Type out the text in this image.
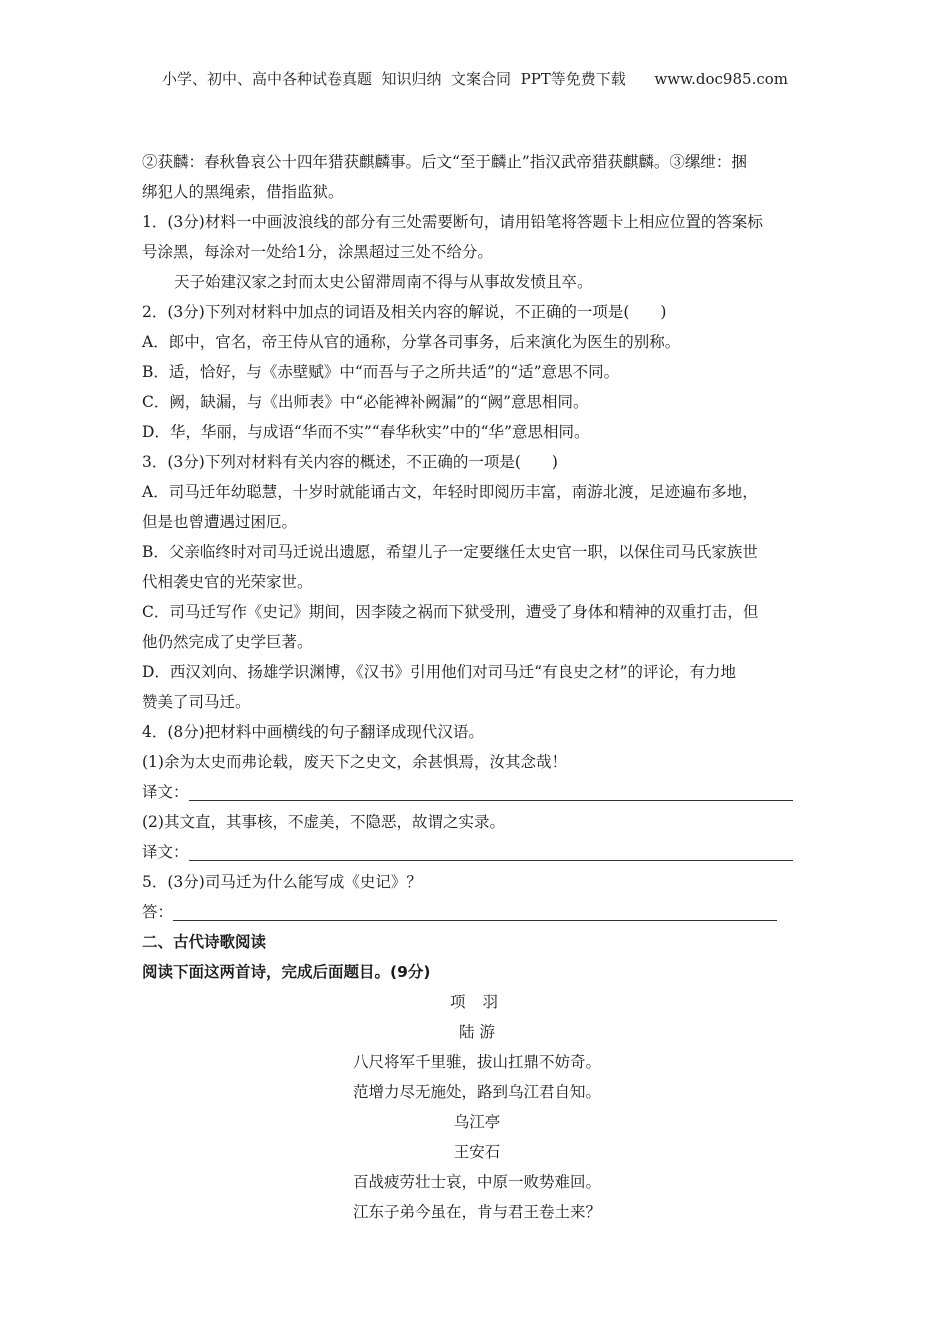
小学、初中、高中各种试卷真题  知识归纳  文案合同  PPT等免费下载      www.doc985.com

②获麟：春秋鲁哀公十四年猎获麒麟事。后文“至于麟止”指汉武帝猎获麒麟。③缧绁：捆

绑犯人的黑绳索，借指监狱。

1．(3分)材料一中画波浪线的部分有三处需要断句，请用铅笔将答题卡上相应位置的答案标

号涂黑，每涂对一处给1分，涂黑超过三处不给分。

天子始建汉家之封而太史公留滞周南不得与从事故发愤且卒。

2．(3分)下列对材料中加点的词语及相关内容的解说，不正确的一项是(　　)

A．郎中，官名，帝王侍从官的通称，分掌各司事务，后来演化为医生的别称。

B．适，恰好，与《赤壁赋》中“而吾与子之所共适”的“适”意思不同。

C．阙，缺漏，与《出师表》中“必能裨补阙漏”的“阙”意思相同。

D．华，华丽，与成语“华而不实”“春华秋实”中的“华”意思相同。

3．(3分)下列对材料有关内容的概述，不正确的一项是(　　)

A．司马迁年幼聪慧，十岁时就能诵古文，年轻时即阅历丰富，南游北渡，足迹遍布多地，

但是也曾遭遇过困厄。

B．父亲临终时对司马迁说出遗愿，希望儿子一定要继任太史官一职，以保住司马氏家族世

代相袭史官的光荣家世。

C．司马迁写作《史记》期间，因李陵之祸而下狱受刑，遭受了身体和精神的双重打击，但

他仍然完成了史学巨著。

D．西汉刘向、扬雄学识渊博，《汉书》引用他们对司马迁“有良史之材”的评论，有力地

赞美了司马迁。

4．(8分)把材料中画横线的句子翻译成现代汉语。

(1)余为太史而弗论载，废天下之史文，余甚惧焉，汝其念哉！

译文：

(2)其文直，其事核，不虚美，不隐恶，故谓之实录。

译文：

5．(3分)司马迁为什么能写成《史记》？

答：

二、古代诗歌阅读

阅读下面这两首诗，完成后面题目。(9分)

项 羽

陆 游

八尺将军千里骓，拔山扛鼎不妨奇。

范增力尽无施处，路到乌江君自知。

乌江亭

王安石

百战疲劳壮士哀，中原一败势难回。

江东子弟今虽在，肯与君王卷土来？
